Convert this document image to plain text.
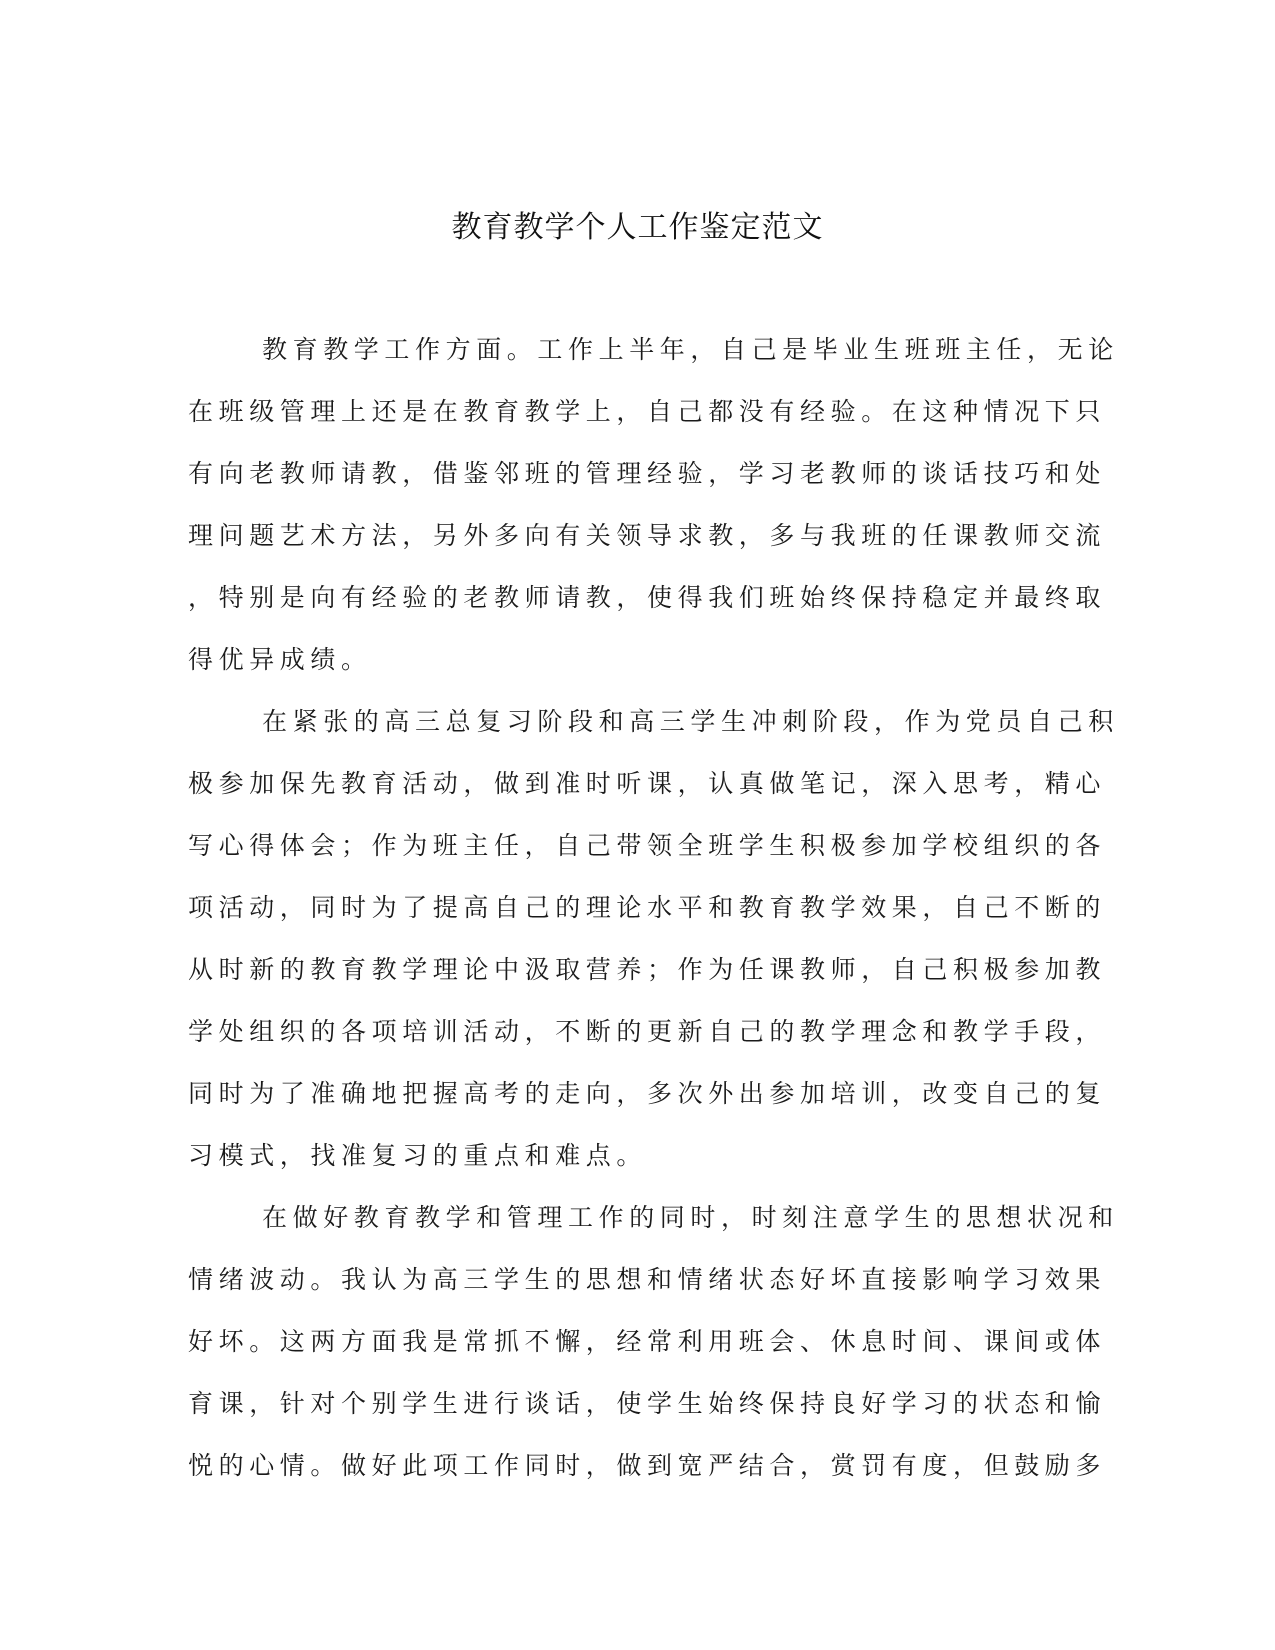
教育教学个人工作鉴定范文
教育教学工作方面。工作上半年，自己是毕业生班班主任，无论
在班级管理上还是在教育教学上，自己都没有经验。在这种情况下只
有向老教师请教，借鉴邻班的管理经验，学习老教师的谈话技巧和处
理问题艺术方法，另外多向有关领导求教，多与我班的任课教师交流
，特别是向有经验的老教师请教，使得我们班始终保持稳定并最终取
得优异成绩。
在紧张的高三总复习阶段和高三学生冲刺阶段，作为党员自己积
极参加保先教育活动，做到准时听课，认真做笔记，深入思考，精心
写心得体会；作为班主任，自己带领全班学生积极参加学校组织的各
项活动，同时为了提高自己的理论水平和教育教学效果，自己不断的
从时新的教育教学理论中汲取营养；作为任课教师，自己积极参加教
学处组织的各项培训活动，不断的更新自己的教学理念和教学手段，
同时为了准确地把握高考的走向，多次外出参加培训，改变自己的复
习模式，找准复习的重点和难点。
在做好教育教学和管理工作的同时，时刻注意学生的思想状况和
情绪波动。我认为高三学生的思想和情绪状态好坏直接影响学习效果
好坏。这两方面我是常抓不懈，经常利用班会、休息时间、课间或体
育课，针对个别学生进行谈话，使学生始终保持良好学习的状态和愉
悦的心情。做好此项工作同时，做到宽严结合，赏罚有度，但鼓励多
